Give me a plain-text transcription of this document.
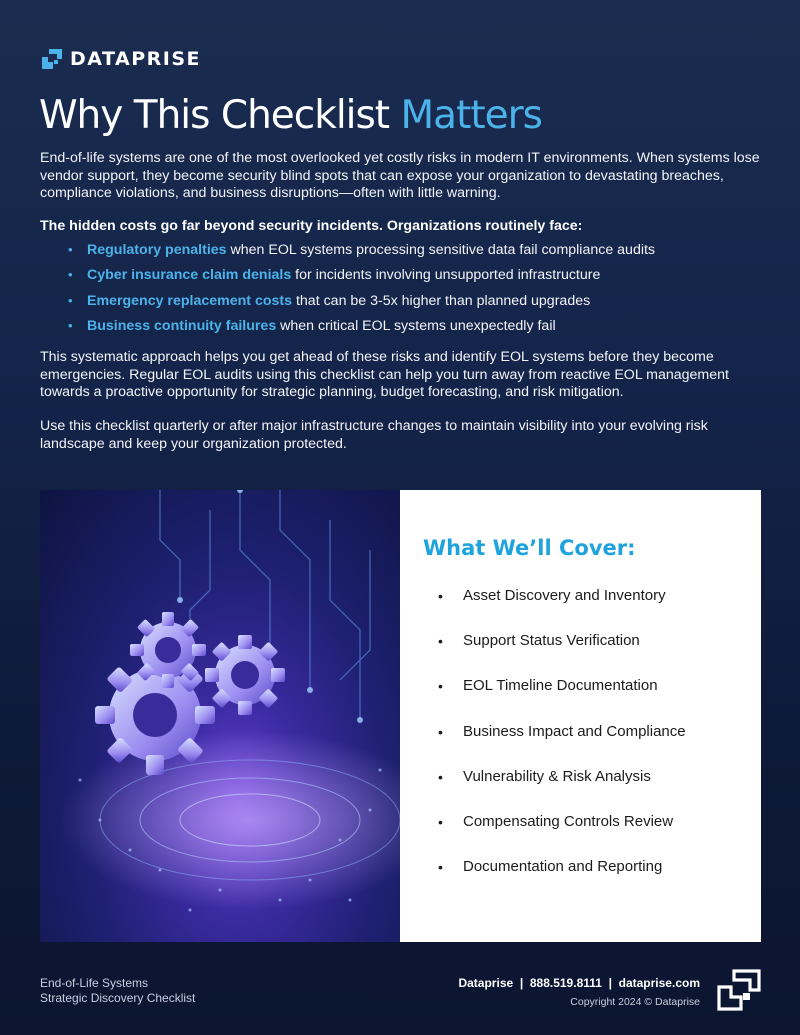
DATAPRISE
Why This Checklist Matters

End-of-life systems are one of the most overlooked yet costly risks in modern IT environments. When systems lose vendor support, they become security blind spots that can expose your organization to devastating breaches, compliance violations, and business disruptions—often with little warning.

The hidden costs go far beyond security incidents. Organizations routinely face:

• Regulatory penalties when EOL systems processing sensitive data fail compliance audits
• Cyber insurance claim denials for incidents involving unsupported infrastructure
• Emergency replacement costs that can be 3-5x higher than planned upgrades
• Business continuity failures when critical EOL systems unexpectedly fail

This systematic approach helps you get ahead of these risks and identify EOL systems before they become emergencies. Regular EOL audits using this checklist can help you turn away from reactive EOL management towards a proactive opportunity for strategic planning, budget forecasting, and risk mitigation.

Use this checklist quarterly or after major infrastructure changes to maintain visibility into your evolving risk landscape and keep your organization protected.

What We’ll Cover:
• Asset Discovery and Inventory
• Support Status Verification
• EOL Timeline Documentation
• Business Impact and Compliance
• Vulnerability & Risk Analysis
• Compensating Controls Review
• Documentation and Reporting
End-of-Life Systems
Strategic Discovery Checklist
Dataprise  |  888.519.8111  |  dataprise.com
Copyright 2024 © Dataprise
